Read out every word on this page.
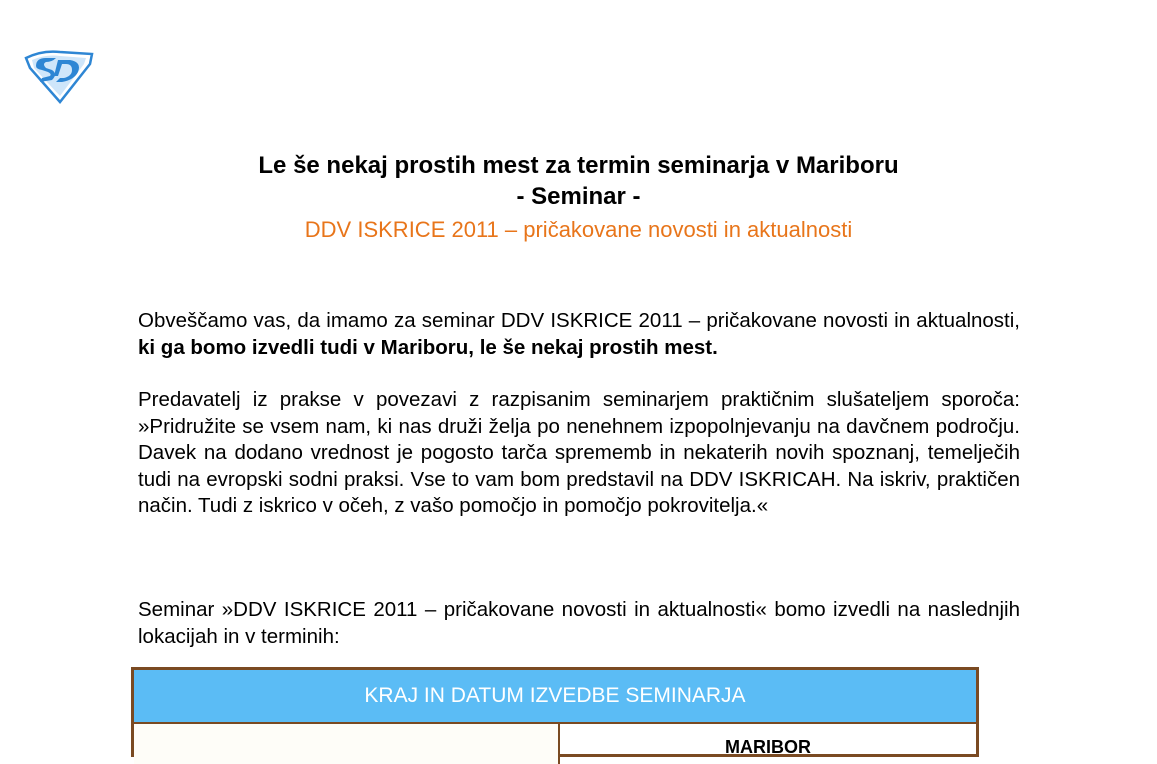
Le še nekaj prostih mest za termin seminarja v Mariboru
- Seminar -
DDV ISKRICE 2011 – pričakovane novosti in aktualnosti
Obveščamo vas, da imamo za seminar DDV ISKRICE 2011 – pričakovane novosti in aktualnosti, ki ga bomo izvedli tudi v Mariboru, le še nekaj prostih mest.
Predavatelj iz prakse v povezavi z razpisanim seminarjem praktičnim slušateljem sporoča: »Pridružite se vsem nam, ki nas druži želja po nenehnem izpopolnjevanju na davčnem področju. Davek na dodano vrednost je pogosto tarča sprememb in nekaterih novih spoznanj, temelječih tudi na evropski sodni praksi. Vse to vam bom predstavil na DDV ISKRICAH. Na iskriv, praktičen način. Tudi z iskrico v očeh, z vašo pomočjo in pomočjo pokrovitelja.«
Seminar »DDV ISKRICE 2011 – pričakovane novosti in aktualnosti« bomo izvedli na naslednjih lokacijah in v terminih:
KRAJ IN DATUM IZVEDBE SEMINARJA
MARIBOR
